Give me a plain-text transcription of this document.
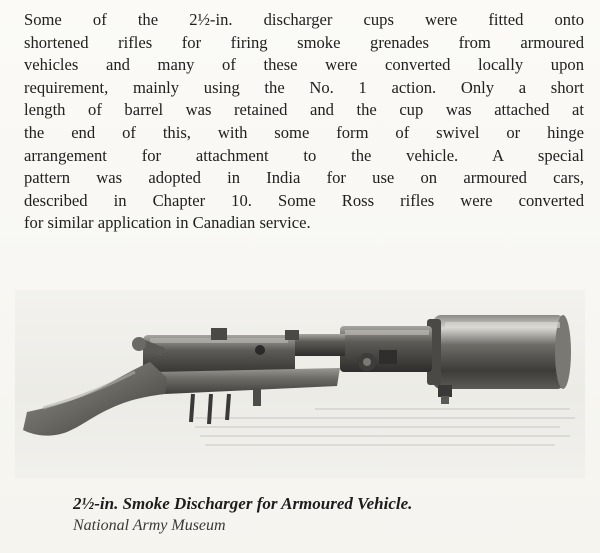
Some of the 2½-in. discharger cups were fitted onto
shortened rifles for firing smoke grenades from armoured
vehicles and many of these were converted locally upon
requirement, mainly using the No. 1 action. Only a short
length of barrel was retained and the cup was attached at
the end of this, with some form of swivel or hinge
arrangement for attachment to the vehicle. A special
pattern was adopted in India for use on armoured cars,
described in Chapter 10. Some Ross rifles were converted
for similar application in Canadian service.
2½-in. Smoke Discharger for Armoured Vehicle.
National Army Museum
